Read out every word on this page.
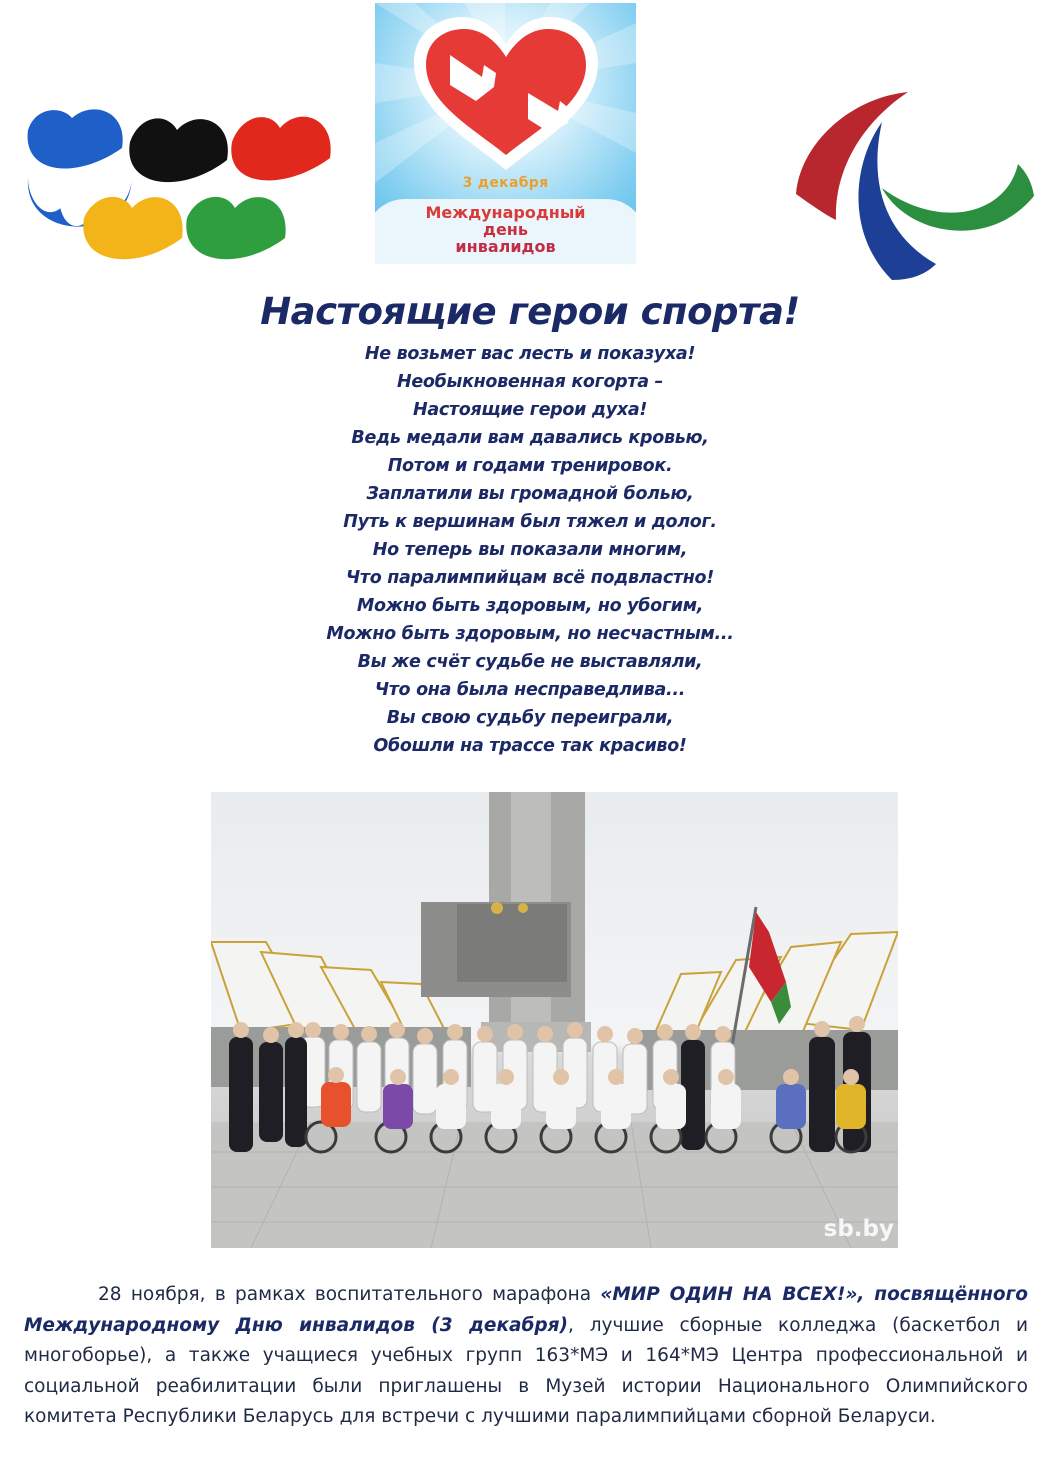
3 декабря
Международный
день
инвалидов
Настоящие герои спорта!
Не возьмет вас лесть и показуха!
Необыкновенная когорта –
Настоящие герои духа!
Ведь медали вам давались кровью,
Потом и годами тренировок.
Заплатили вы громадной болью,
Путь к вершинам был тяжел и долог.
Но теперь вы показали многим,
Что паралимпийцам всё подвластно!
Можно быть здоровым, но убогим,
Можно быть здоровым, но несчастным...
Вы же счёт судьбе не выставляли,
Что она была несправедлива...
Вы свою судьбу переиграли,
Обошли на трассе так красиво!
sb.by

28 ноября, в рамках воспитательного марафона «МИР ОДИН НА ВСЕХ!», посвящённого Международному Дню инвалидов (3 декабря), лучшие сборные колледжа (баскетбол и многоборье), а также учащиеся учебных групп 163*МЭ и 164*МЭ Центра профессиональной и социальной реабилитации были приглашены в Музей истории Национального Олимпийского комитета Республики Беларусь для встречи с лучшими паралимпийцами сборной Беларуси.
